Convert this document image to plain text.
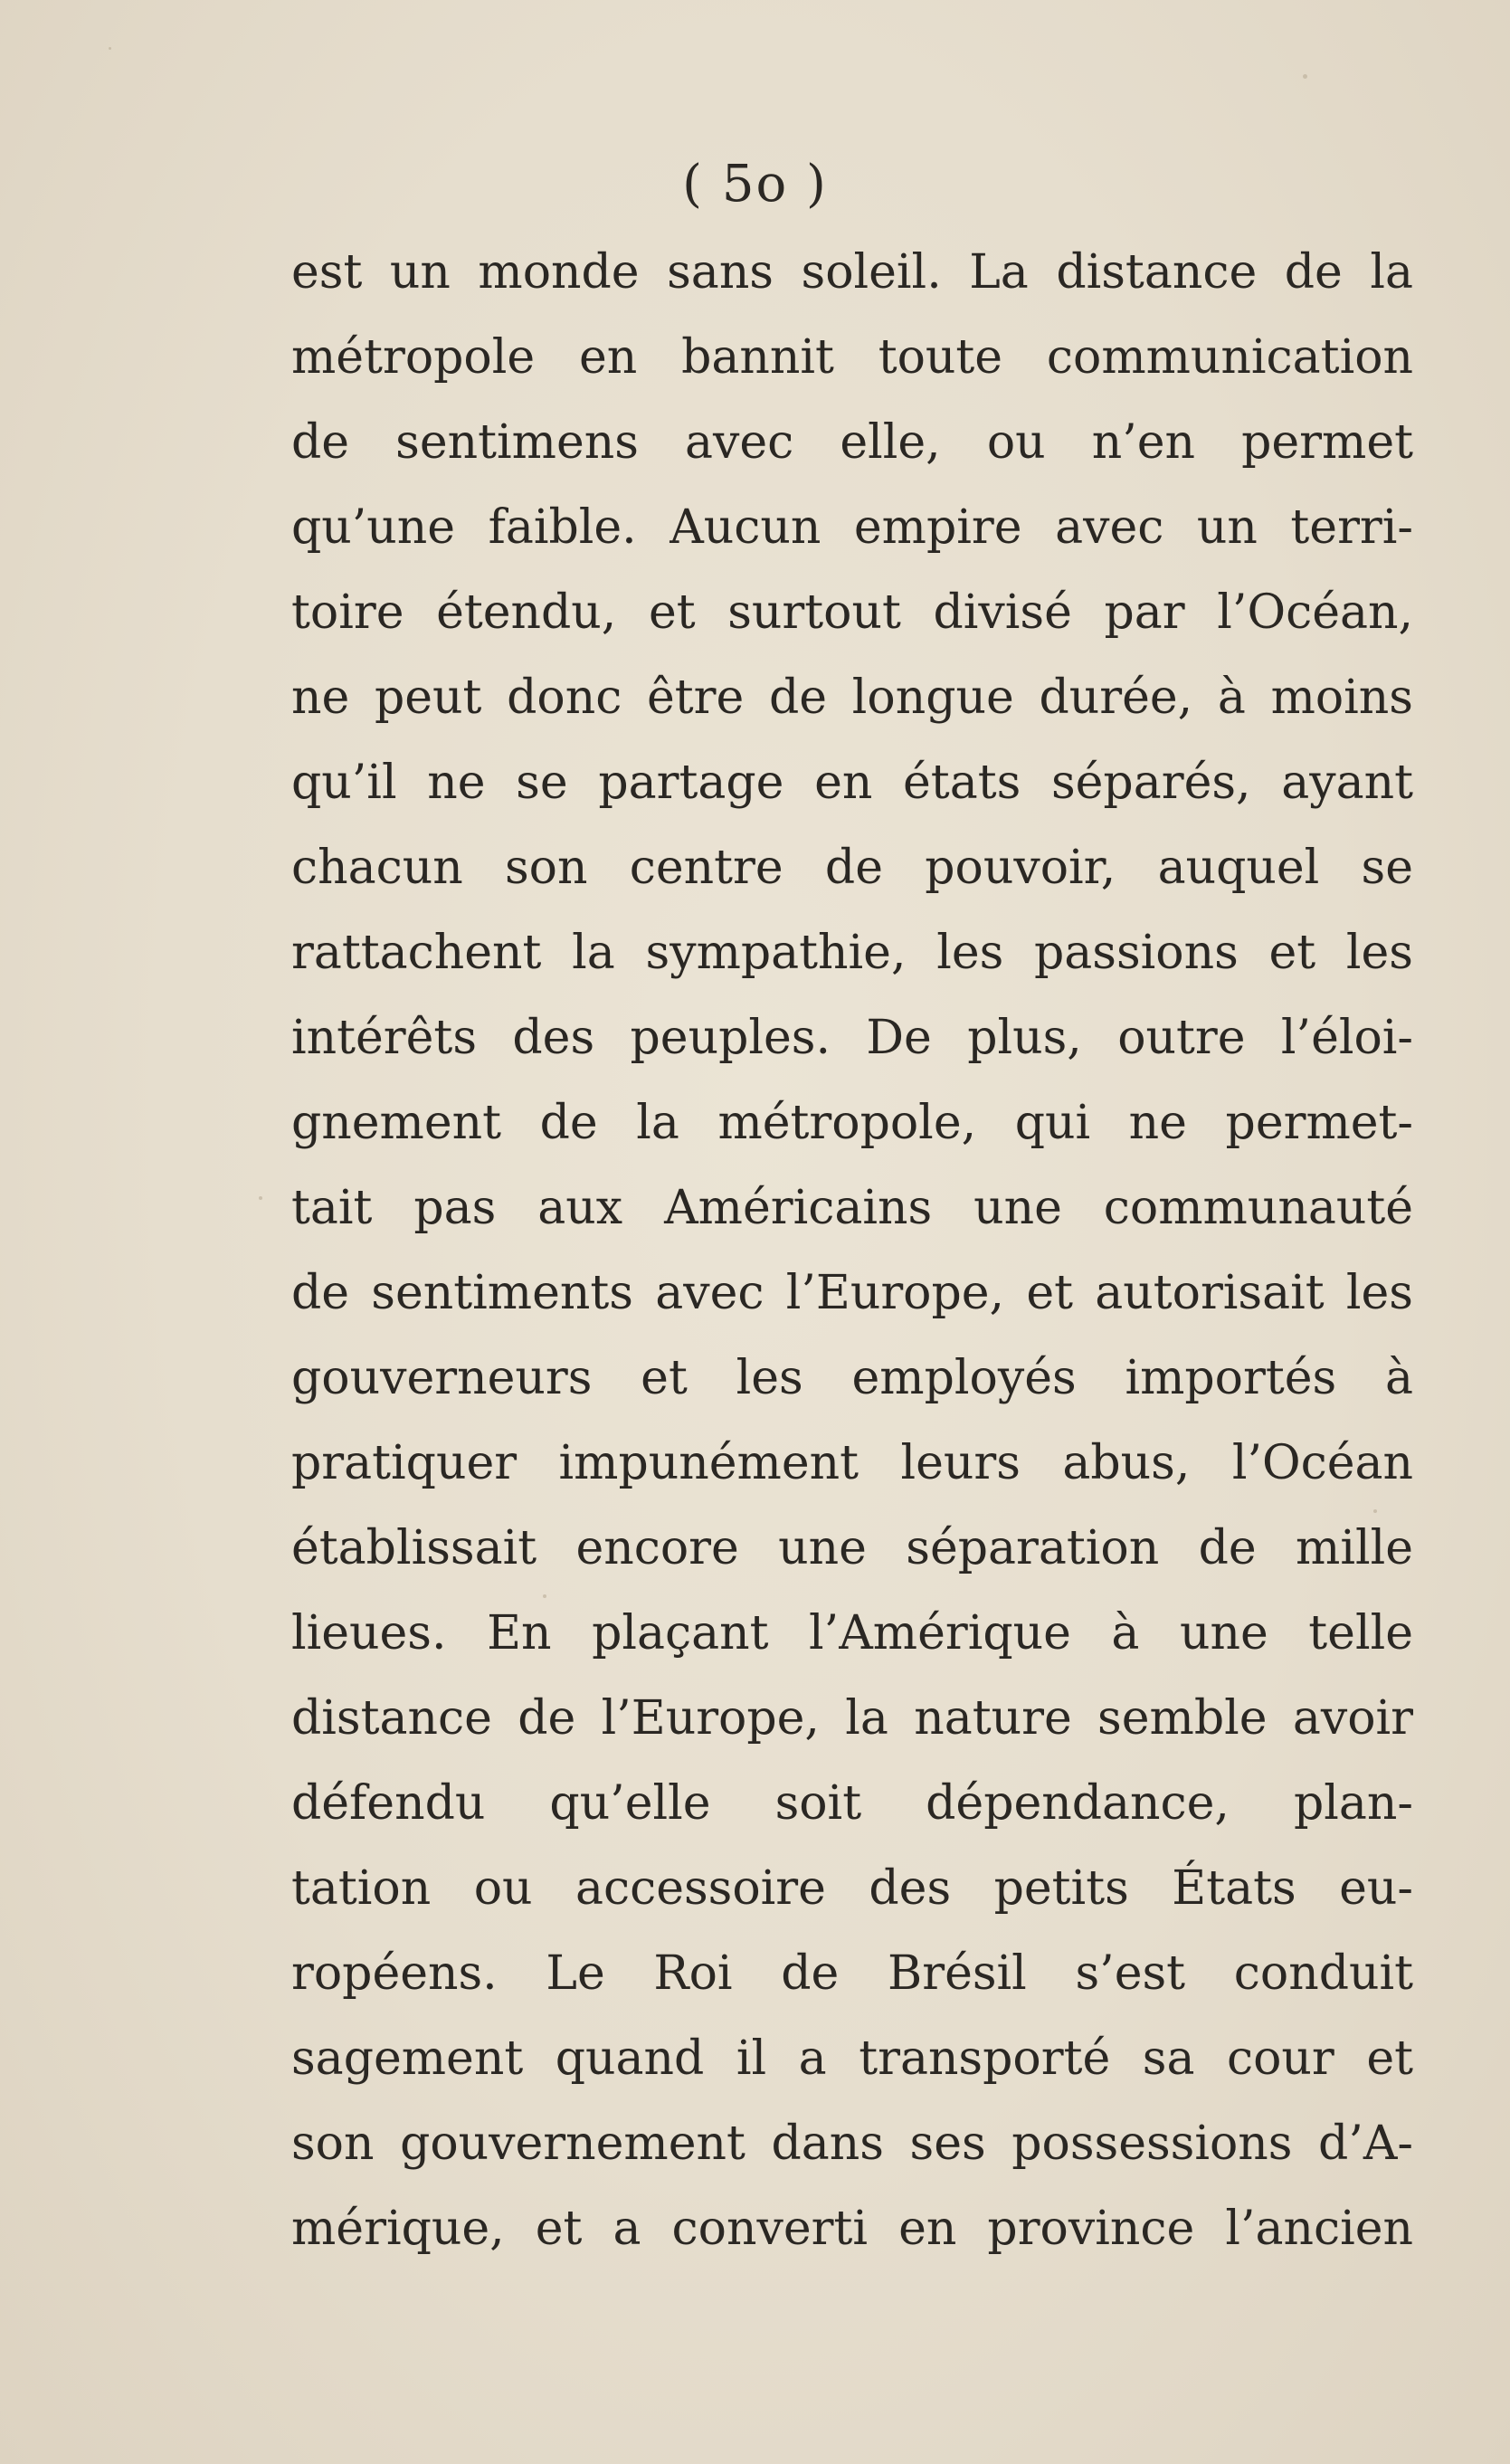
( 5o )
est un monde sans soleil. La distance de la
métropole en bannit toute communication
de sentimens avec elle, ou n’en permet
qu’une faible. Aucun empire avec un terri-
toire étendu, et surtout divisé par l’Océan,
ne peut donc être de longue durée, à moins
qu’il ne se partage en états séparés, ayant
chacun son centre de pouvoir, auquel se
rattachent la sympathie, les passions et les
intérêts des peuples. De plus, outre l’éloi-
gnement de la métropole, qui ne permet-
tait pas aux Américains une communauté
de sentiments avec l’Europe, et autorisait les
gouverneurs et les employés importés à
pratiquer impunément leurs abus, l’Océan
établissait encore une séparation de mille
lieues. En plaçant l’Amérique à une telle
distance de l’Europe, la nature semble avoir
défendu qu’elle soit dépendance, plan-
tation ou accessoire des petits États eu-
ropéens. Le Roi de Brésil s’est conduit
sagement quand il a transporté sa cour et
son gouvernement dans ses possessions d’A-
mérique, et a converti en province l’ancien
